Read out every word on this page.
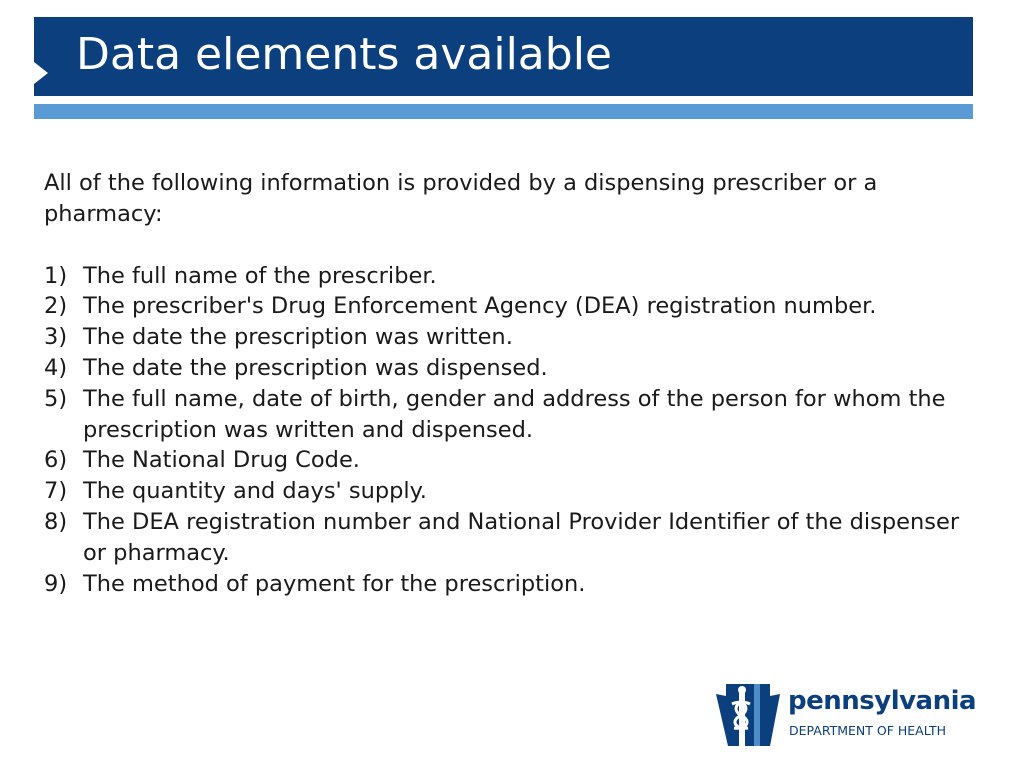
Data elements available

All of the following information is provided by a dispensing prescriber or a pharmacy:

1) The full name of the prescriber.
2) The prescriber's Drug Enforcement Agency (DEA) registration number.
3) The date the prescription was written.
4) The date the prescription was dispensed.
5) The full name, date of birth, gender and address of the person for whom the prescription was written and dispensed.
6) The National Drug Code.
7) The quantity and days' supply.
8) The DEA registration number and National Provider Identifier of the dispenser or pharmacy.
9) The method of payment for the prescription.
pennsylvania
DEPARTMENT OF HEALTH
